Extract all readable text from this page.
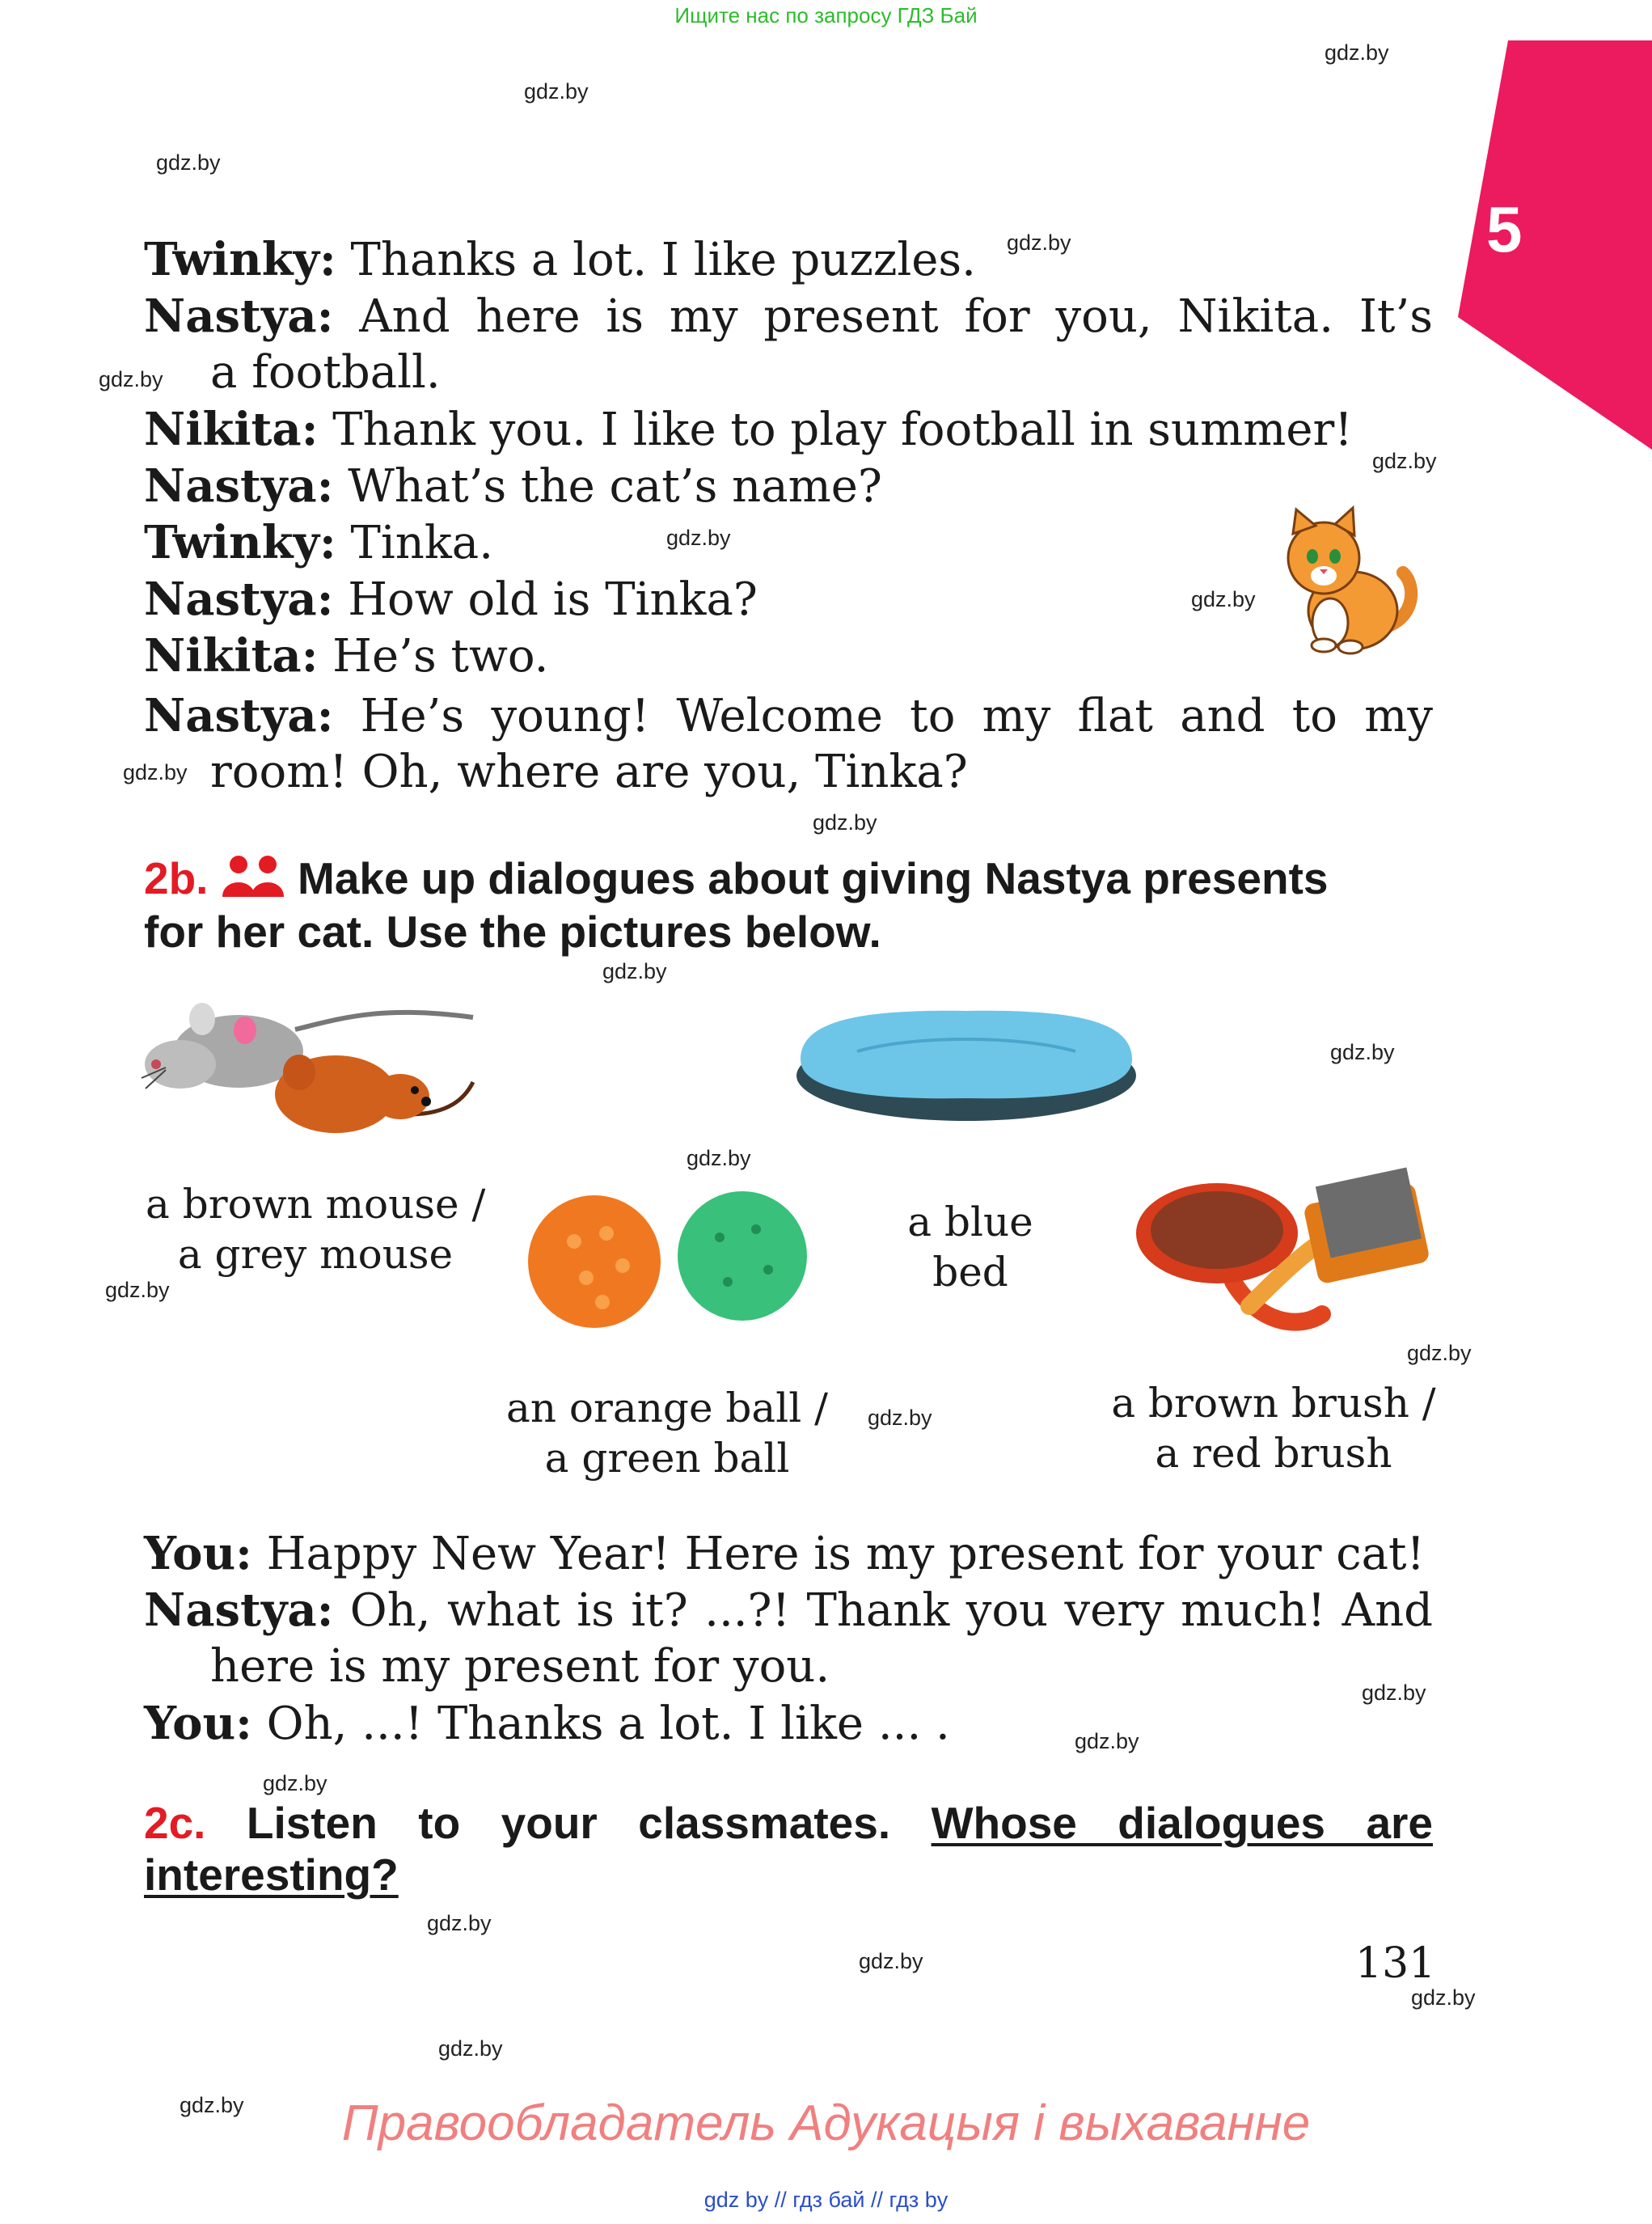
Ищите нас по запросу ГДЗ Бай
5
Twinky: Thanks a lot. I like puzzles.
Nastya: And here is my present for you, Nikita. It’s
a football.
Nikita: Thank you. I like to play football in summer!
Nastya: What’s the cat’s name?
Twinky: Tinka.
Nastya: How old is Tinka?
Nikita: He’s two.
Nastya: He’s young! Welcome to my flat and to my
room! Oh, where are you, Tinka?
2b. Make up dialogues about giving Nastya presents
for her cat. Use the pictures below.
a brown mouse /
a grey mouse
a blue
bed
an orange ball /
a green ball
a brown brush /
a red brush
You: Happy New Year! Here is my present for your cat!
Nastya: Oh, what is it? ...?! Thank you very much! And
here is my present for you.
You: Oh, ...! Thanks a lot. I like ... .
2c. Listen to your classmates. Whose dialogues are
interesting?
131
Правообладатель Адукацыя і выхаванне
gdz by // гдз бай // гдз by
gdz.by
gdz.by
gdz.by
gdz.by
gdz.by
gdz.by
gdz.by
gdz.by
gdz.by
gdz.by
gdz.by
gdz.by
gdz.by
gdz.by
gdz.by
gdz.by
gdz.by
gdz.by
gdz.by
gdz.by
gdz.by
gdz.by
gdz.by
gdz.by
